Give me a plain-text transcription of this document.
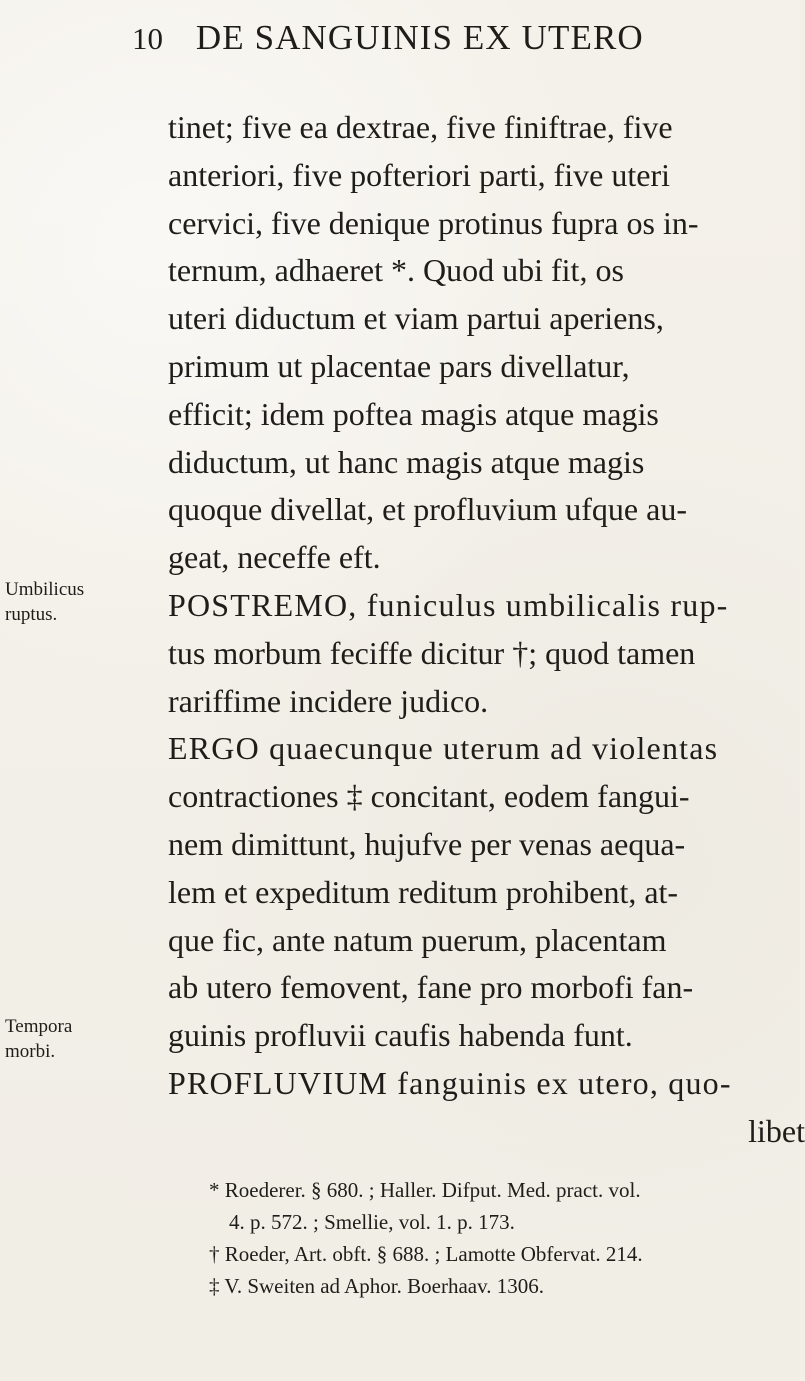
10 DE SANGUINIS EX UTERO
Umbilicus
ruptus.
Tempora
morbi.
tinet; five ea dextrae, five finiftrae, five
anteriori, five pofteriori parti, five uteri
cervici, five denique protinus fupra os in-
ternum, adhaeret *. Quod ubi fit, os
uteri diductum et viam partui aperiens,
primum ut placentae pars divellatur,
efficit; idem poftea magis atque magis
diductum, ut hanc magis atque magis
quoque divellat, et profluvium ufque au-
geat, neceffe eft.
POSTREMO, funiculus umbilicalis rup-
tus morbum feciffe dicitur †; quod tamen
rariffime incidere judico.
ERGO quaecunque uterum ad violentas
contractiones ‡ concitant, eodem fangui-
nem dimittunt, hujufve per venas aequa-
lem et expeditum reditum prohibent, at-
que fic, ante natum puerum, placentam
ab utero femovent, fane pro morbofi fan-
guinis profluvii caufis habenda funt.
PROFLUVIUM fanguinis ex utero, quo-
libet
* Roederer. § 680. ; Haller. Difput. Med. pract. vol.
4. p. 572. ; Smellie, vol. 1. p. 173.
† Roeder, Art. obft. § 688. ; Lamotte Obfervat. 214.
‡ V. Sweiten ad Aphor. Boerhaav. 1306.
